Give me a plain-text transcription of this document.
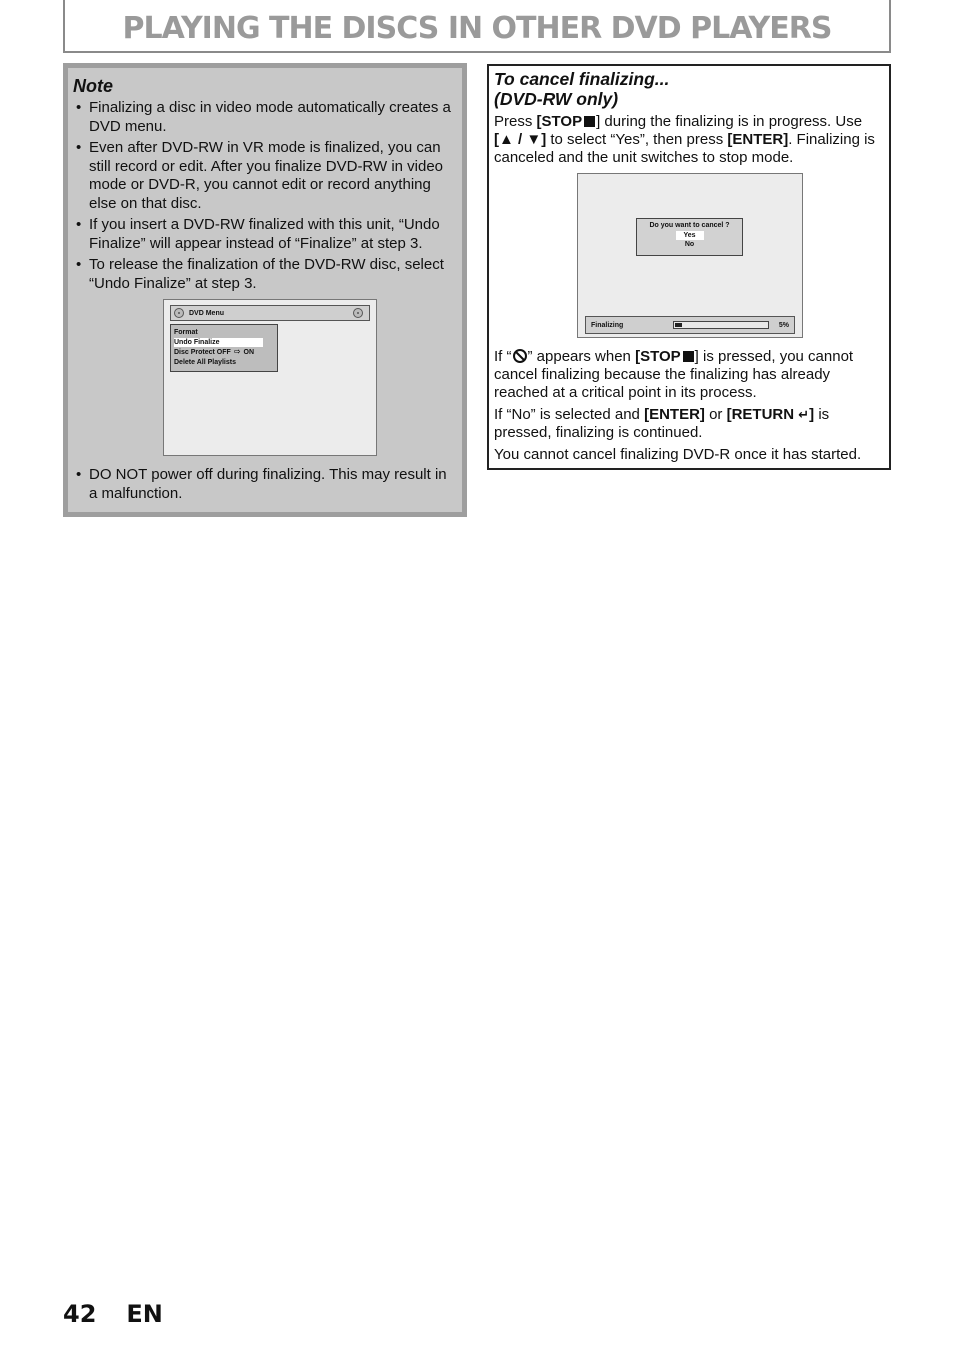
PLAYING THE DISCS IN OTHER DVD PLAYERS
Note
• Finalizing a disc in video mode automatically creates a DVD menu.
• Even after DVD-RW in VR mode is finalized, you can still record or edit. After you finalize DVD-RW in video mode or DVD-R, you cannot edit or record anything else on that disc.
• If you insert a DVD-RW finalized with this unit, “Undo Finalize” will appear instead of “Finalize” at step 3.
• To release the finalization of the DVD-RW disc, select “Undo Finalize” at step 3.
DVD Menu
Format
Undo Finalize
Disc Protect OFF ⇨ ON
Delete All Playlists
• DO NOT power off during finalizing. This may result in a malfunction.
To cancel finalizing...
(DVD-RW only)

Press [STOP ] during the finalizing is in progress. Use [▲ / ▼] to select “Yes”, then press [ENTER]. Finalizing is canceled and the unit switches to stop mode.

Do you want to cancel ?
Yes
No
Finalizing	5%

If “ ” appears when [STOP ] is pressed, you cannot cancel finalizing because the finalizing has already reached at a critical point in its process.

If “No” is selected and [ENTER] or [RETURN ↵] is pressed, finalizing is continued.

You cannot cancel finalizing DVD-R once it has started.

42 EN
